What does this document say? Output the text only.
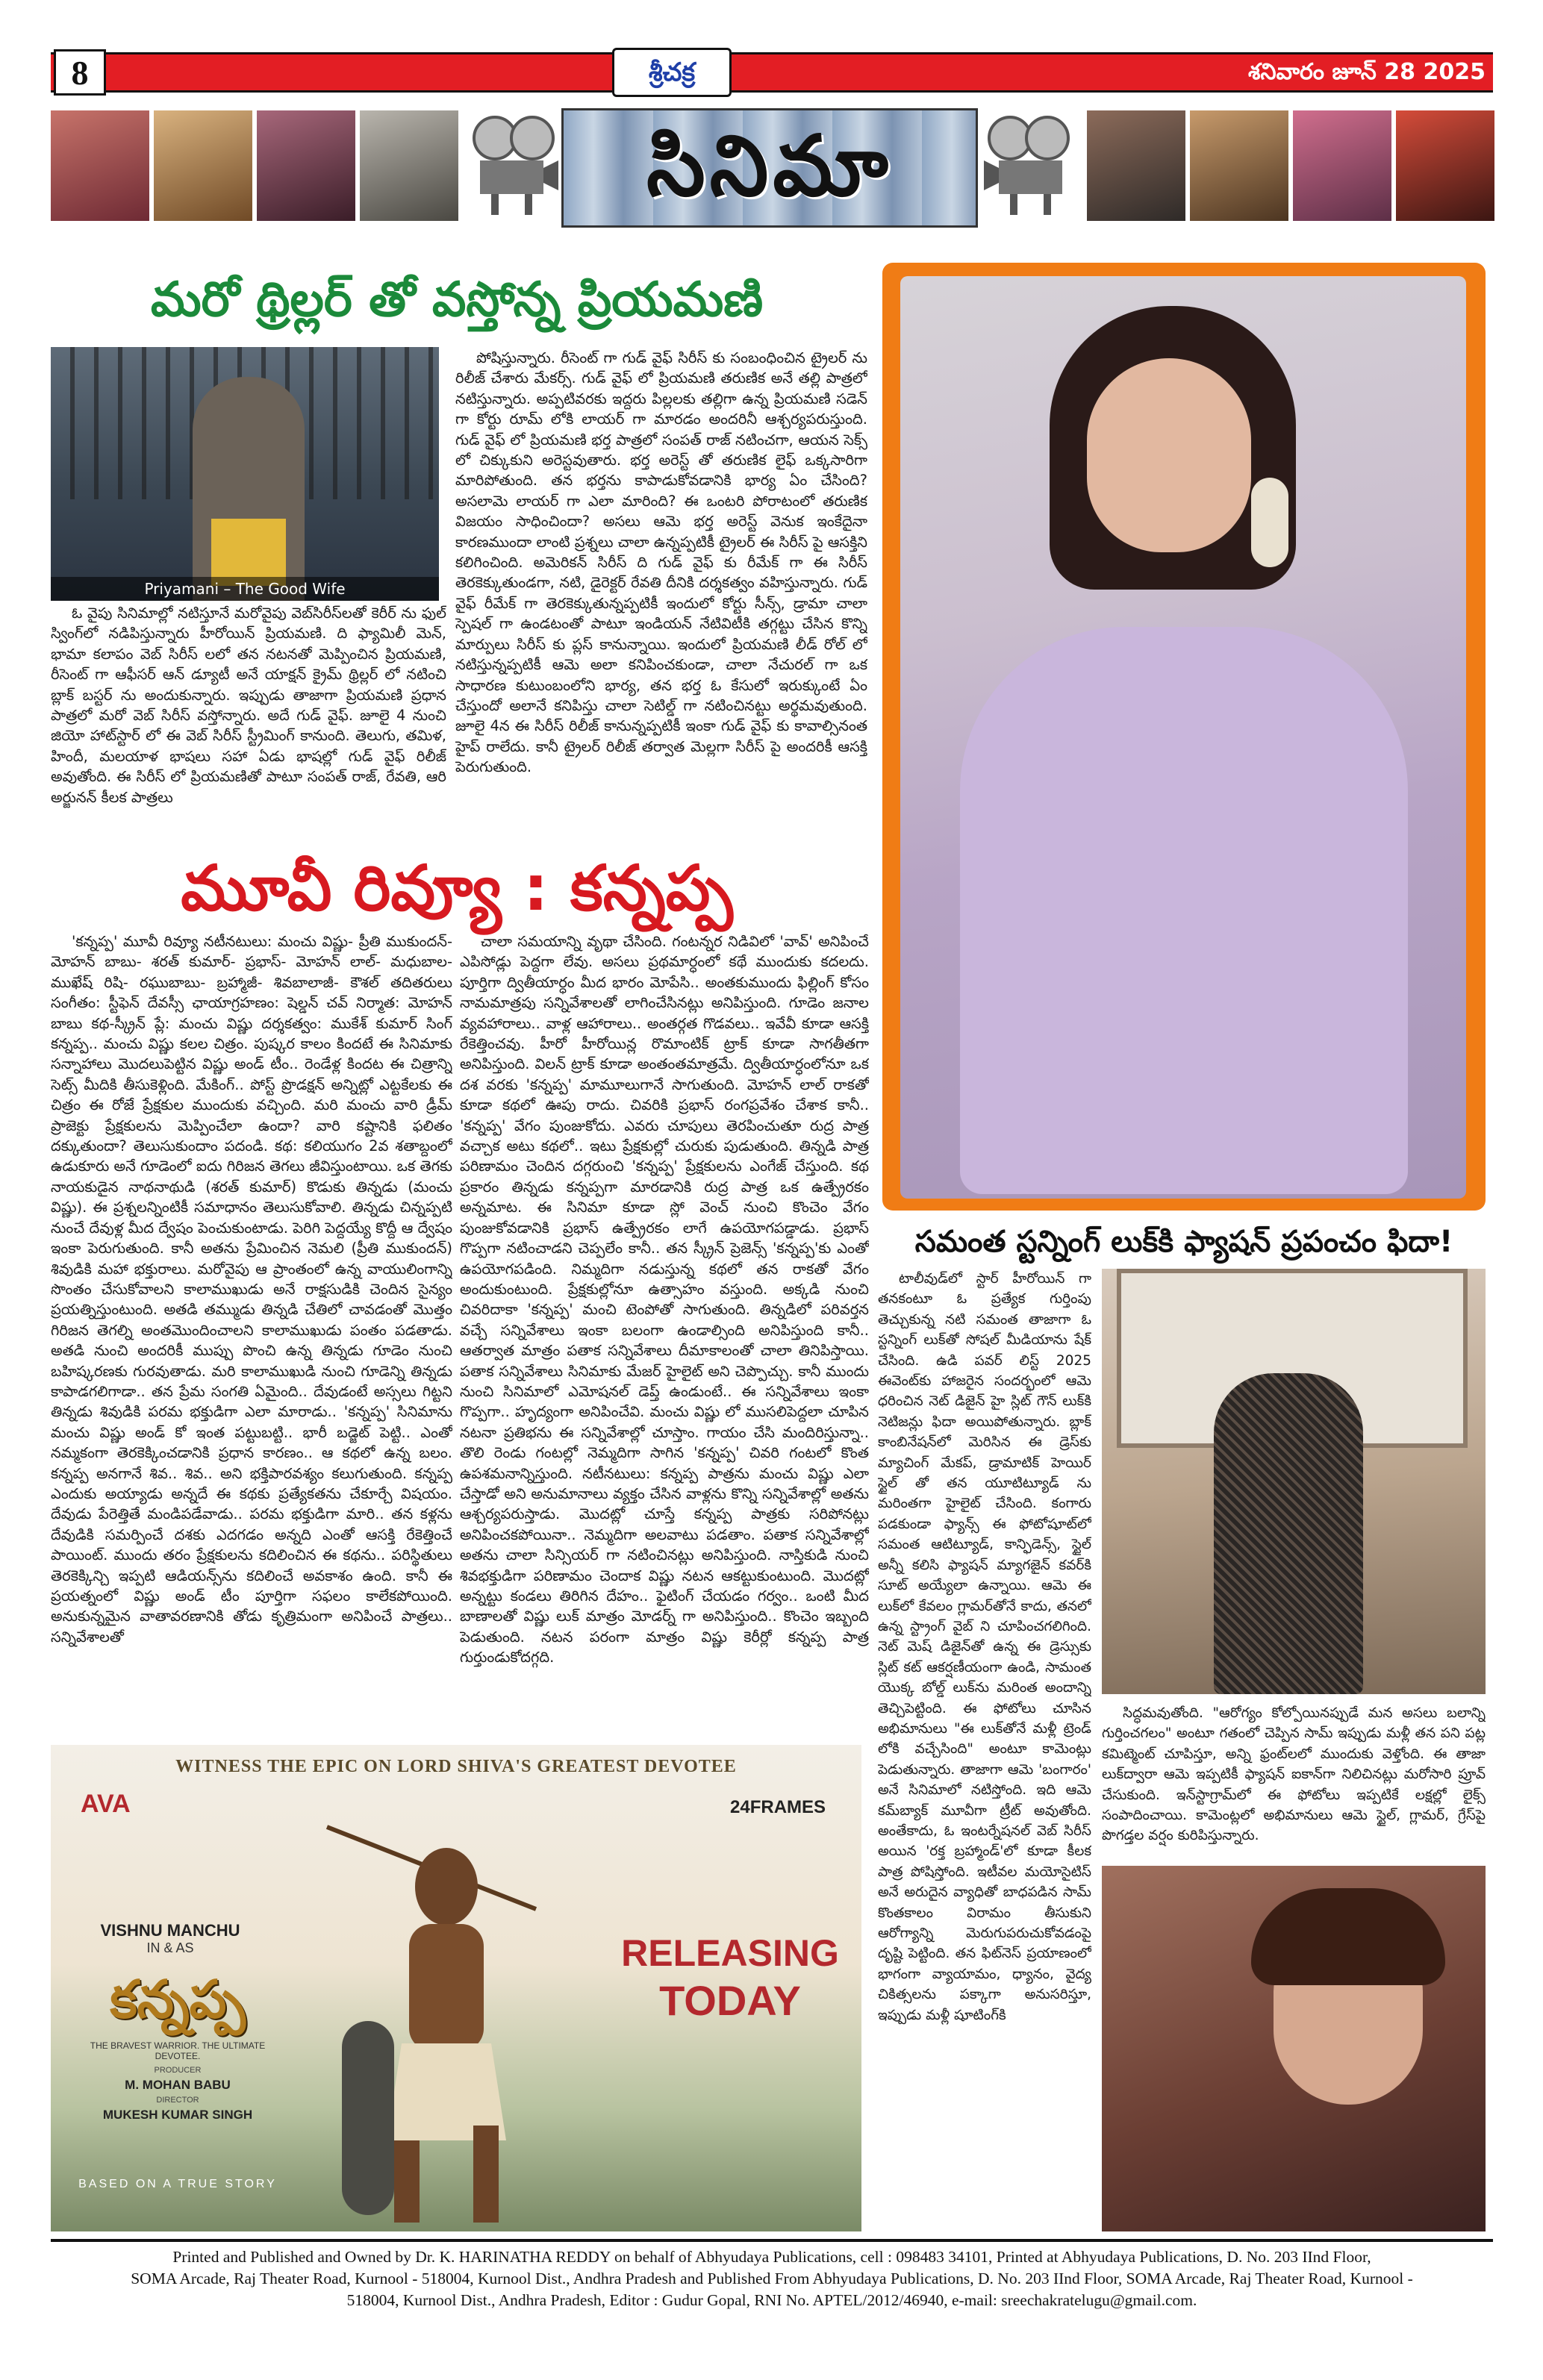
8	శ్రీచక్ర	శనివారం జూన్ 28 2025
సినిమా
మరో థ్రిల్లర్ తో వస్తోన్న ప్రియమణి
Priyamani – The Good Wife

ఓ వైపు సినిమాల్లో నటిస్తూనే మరోవైపు వెబ్‌సిరీస్‌లతో కెరీర్ ను ఫుల్ స్వింగ్‌లో నడిపిస్తున్నారు హీరోయిన్ ప్రియమణి. ది ఫ్యామిలీ మెన్, భామా కలాపం వెబ్ సిరీస్ లలో తన నటనతో మెప్పించిన ప్రియమణి, రీసెంట్ గా ఆఫీసర్ ఆన్ డ్యూటీ అనే యాక్షన్ క్రైమ్ థ్రిల్లర్ లో నటించి బ్లాక్ బస్టర్ ను అందుకున్నారు. ఇప్పుడు తాజాగా ప్రియమణి ప్రధాన పాత్రలో మరో వెబ్ సిరీస్ వస్తోన్నారు. అదే గుడ్ వైఫ్. జూలై 4 నుంచి జియో హాట్‌స్టార్ లో ఈ వెబ్ సిరీస్ స్ట్రీమింగ్ కానుంది. తెలుగు, తమిళ, హిందీ, మలయాళ భాషలు సహా ఏడు భాషల్లో గుడ్ వైఫ్ రిలీజ్ అవుతోంది. ఈ సిరీస్ లో ప్రియమణితో పాటూ సంపత్ రాజ్, రేవతి, ఆరి అర్జునన్ కీలక పాత్రలు

పోషిస్తున్నారు. రీసెంట్ గా గుడ్ వైఫ్ సిరీస్ కు సంబంధించిన ట్రైలర్ ను రిలీజ్ చేశారు మేకర్స్. గుడ్ వైఫ్ లో ప్రియమణి తరుణిక అనే తల్లి పాత్రలో నటిస్తున్నారు. అప్పటివరకు ఇద్దరు పిల్లలకు తల్లిగా ఉన్న ప్రియమణి సడెన్ గా కోర్టు రూమ్ లోకి లాయర్ గా మారడం అందరినీ ఆశ్చర్యపరుస్తుంది. గుడ్ వైఫ్ లో ప్రియమణి భర్త పాత్రలో సంపత్ రాజ్ నటించగా, ఆయన సెక్స్ లో చిక్కుకుని అరెస్టవుతారు. భర్త అరెస్ట్ తో తరుణిక లైఫ్ ఒక్కసారిగా మారిపోతుంది. తన భర్తను కాపాడుకోవడానికి భార్య ఏం చేసింది? అసలామె లాయర్ గా ఎలా మారింది? ఈ ఒంటరి పోరాటంలో తరుణిక విజయం సాధించిందా? అసలు ఆమె భర్త అరెస్ట్ వెనుక ఇంకేదైనా కారణముందా లాంటి ప్రశ్నలు చాలా ఉన్నప్పటికీ ట్రైలర్ ఈ సిరీస్ పై ఆసక్తిని కలిగించింది. అమెరికన్ సిరీస్ ది గుడ్ వైఫ్ కు రీమేక్ గా ఈ సిరీస్ తెరకెక్కుతుండగా, నటి, డైరెక్టర్ రేవతి దీనికి దర్శకత్వం వహిస్తున్నారు. గుడ్ వైఫ్ రీమేక్ గా తెరకెక్కుతున్నప్పటికీ ఇందులో కోర్టు సీన్స్, డ్రామా చాలా స్పెషల్ గా ఉండటంతో పాటూ ఇండియన్ నేటివిటీకి తగ్గట్టు చేసిన కొన్ని మార్పులు సిరీస్ కు ప్లస్ కానున్నాయి. ఇందులో ప్రియమణి లీడ్ రోల్ లో నటిస్తున్నప్పటికీ ఆమె అలా కనిపించకుండా, చాలా నేచురల్ గా ఒక సాధారణ కుటుంబంలోని భార్య, తన భర్త ఓ కేసులో ఇరుక్కుంటే ఏం చేస్తుందో అలానే కనిపిస్తు చాలా సెటిల్డ్ గా నటించినట్టు అర్థమవుతుంది. జూలై 4న ఈ సిరీస్ రిలీజ్ కానున్నప్పటికీ ఇంకా గుడ్ వైఫ్ కు కావాల్సినంత హైప్ రాలేదు. కానీ ట్రైలర్ రిలీజ్ తర్వాత మెల్లగా సిరీస్ పై అందరికీ ఆసక్తి పెరుగుతుంది.

మూవీ రివ్యూ : కన్నప్ప

'కన్నప్ప' మూవీ రివ్యూ నటీనటులు: మంచు విష్ణు- ప్రీతి ముకుందన్- మోహన్ బాబు- శరత్ కుమార్- ప్రభాస్- మోహన్ లాల్- మధుబాల- ముఖేష్ రిషి- రఘుబాబు- బ్రహ్మాజీ- శివబాలాజీ- కౌశల్ తదితరులు సంగీతం: స్టీఫెన్ దేవస్సీ ఛాయాగ్రహణం: షెల్డన్ చవ్ నిర్మాత: మోహన్ బాబు కథ-స్క్రీన్ ప్లే: మంచు విష్ణు దర్శకత్వం: ముకేశ్ కుమార్ సింగ్ కన్నప్ప.. మంచు విష్ణు కలల చిత్రం. పుష్కర కాలం కిందటే ఈ సినిమాకు సన్నాహాలు మొదలుపెట్టిన విష్ణు అండ్ టీం.. రెండేళ్ల కిందట ఈ చిత్రాన్ని సెట్స్ మీదికి తీసుకెళ్లింది. మేకింగ్.. పోస్ట్ ప్రొడక్షన్ అన్నిట్లో ఎట్టకేలకు ఈ చిత్రం ఈ రోజే ప్రేక్షకుల ముందుకు వచ్చింది. మరి మంచు వారి డ్రీమ్ ప్రాజెక్టు ప్రేక్షకులను మెప్పించేలా ఉందా? వారి కష్టానికి ఫలితం దక్కుతుందా? తెలుసుకుందాం పదండి. కథ: కలియుగం 2వ శతాబ్దంలో ఉడుకూరు అనే గూడెంలో ఐదు గిరిజన తెగలు జీవిస్తుంటాయి. ఒక తెగకు నాయకుడైన నాథనాథుడి (శరత్ కుమార్) కొడుకు తిన్నడు (మంచు విష్ణు). ఈ ప్రశ్నలన్నింటికీ సమాధానం తెలుసుకోవాలి. తిన్నడు చిన్నప్పటి నుంచే దేవుళ్ల మీద ద్వేషం పెంచుకుంటాడు. పెరిగి పెద్దయ్యే కొద్దీ ఆ ద్వేషం ఇంకా పెరుగుతుంది. కానీ అతను ప్రేమించిన నెమలి (ప్రీతి ముకుందన్) శివుడికి మహా భక్తురాలు. మరోవైపు ఆ ప్రాంతంలో ఉన్న వాయులింగాన్ని సొంతం చేసుకోవాలని కాలాముఖుడు అనే రాక్షసుడికి చెందిన సైన్యం ప్రయత్నిస్తుంటుంది. అతడి తమ్ముడు తిన్నడి చేతిలో చావడంతో మొత్తం గిరిజన తెగల్ని అంతమొందించాలని కాలాముఖుడు పంతం పడతాడు. అతడి నుంచి అందరికీ ముప్పు పొంచి ఉన్న తిన్నడు గూడెం నుంచి బహిష్కరణకు గురవుతాడు. మరి కాలాముఖుడి నుంచి గూడెన్ని తిన్నడు కాపాడగలిగాడా.. తన ప్రేమ సంగతి ఏమైంది.. దేవుడంటే అస్సలు గిట్టని తిన్నడు శివుడికి పరమ భక్తుడిగా ఎలా మారాడు.. 'కన్నప్ప' సినిమాను మంచు విష్ణు అండ్ కో ఇంత పట్టుబట్టి.. భారీ బడ్జెట్ పెట్టి.. ఎంతో నమ్మకంగా తెరకెక్కించడానికి ప్రధాన కారణం.. ఆ కథలో ఉన్న బలం. కన్నప్ప అనగానే శివ.. శివ.. అని భక్తిపారవశ్యం కలుగుతుంది. కన్నప్ప ఎందుకు అయ్యాడు అన్నదే ఈ కథకు ప్రత్యేకతను చేకూర్చే విషయం. దేవుడు పేరెత్తితే మండిపడేవాడు.. పరమ భక్తుడిగా మారి.. తన కళ్లను దేవుడికి సమర్పించే దశకు ఎదగడం అన్నది ఎంతో ఆసక్తి రేకెత్తించే పాయింట్. ముందు తరం ప్రేక్షకులను కదిలించిన ఈ కథను.. పరిస్థితులు తెరకెక్కిన్చి ఇప్పటి ఆడియన్స్‌ను కదిలించే అవకాశం ఉంది. కానీ ఈ ప్రయత్నంలో విష్ణు అండ్ టీం పూర్తిగా సఫలం కాలేకపోయింది. అనుకున్నమైన వాతావరణానికి తోడు కృత్రిమంగా అనిపించే పాత్రలు.. సన్నివేశాలతో

చాలా సమయాన్ని వృథా చేసింది. గంటన్నర నిడివిలో 'వావ్' అనిపించే ఎపిసోడ్లు పెద్దగా లేవు. అసలు ప్రథమార్ధంలో కథే ముందుకు కదలదు. పూర్తిగా ద్వితీయార్ధం మీద భారం మోపేసి.. అంతకుముందు ఫిల్లింగ్ కోసం నామమాత్రపు సన్నివేశాలతో లాగించేసినట్లు అనిపిస్తుంది. గూడెం జనాల వ్యవహారాలు.. వాళ్ల ఆహారాలు.. అంతర్గత గొడవలు.. ఇవేవీ కూడా ఆసక్తి రేకెత్తించవు. హీరో హీరోయిన్ల రొమాంటిక్ ట్రాక్ కూడా సాగతీతగా అనిపిస్తుంది. విలన్ ట్రాక్ కూడా అంతంతమాత్రమే. ద్వితీయార్ధంలోనూ ఒక దశ వరకు 'కన్నప్ప' మామూలుగానే సాగుతుంది. మోహన్ లాల్ రాకతో కూడా కథలో ఊపు రాదు. చివరికి ప్రభాస్ రంగప్రవేశం చేశాక కానీ.. 'కన్నప్ప' వేగం పుంజుకోదు. ఎవరు చూపులు తెరపించుతూ రుద్ర పాత్ర వచ్చాక అటు కథలో.. ఇటు ప్రేక్షకుల్లో చురుకు పుడుతుంది. తిన్నడి పాత్ర పరిణామం చెందిన దగ్గరుంచి 'కన్నప్ప' ప్రేక్షకులను ఎంగేజ్ చేస్తుంది. కథ ప్రకారం తిన్నడు కన్నప్పగా మారడానికి రుద్ర పాత్ర ఒక ఉత్ప్రేరకం అన్నమాట. ఈ సినిమా కూడా స్లో వెంచ్ నుంచి కొంచెం వేగం పుంజుకోవడానికి ప్రభాస్ ఉత్ప్రేరకం లాగే ఉపయోగపడ్డాడు. ప్రభాస్ గొప్పగా నటించాడని చెప్పలేం కానీ.. తన స్క్రీన్ ప్రెజెన్స్ 'కన్నప్ప'కు ఎంతో ఉపయోగపడింది. నిమ్మదిగా నడుస్తున్న కథలో తన రాకతో వేగం అందుకుంటుంది. ప్రేక్షకుల్లోనూ ఉత్సాహం వస్తుంది. అక్కడి నుంచి చివరిదాకా 'కన్నప్ప' మంచి టెంపోతో సాగుతుంది. తిన్నడిలో పరివర్తన వచ్చే సన్నివేశాలు ఇంకా బలంగా ఉండాల్సింది అనిపిస్తుంది కానీ.. ఆతర్వాత మాత్రం పతాక సన్నివేశాలు దీమాకాలంతో చాలా తినిపిస్తాయి. పతాక సన్నివేశాలు సినిమాకు మేజర్ హైలైట్ అని చెప్పొచ్చు. కానీ ముందు నుంచి సినిమాలో ఎమోషనల్ డెప్త్ ఉండుంటే.. ఈ సన్నివేశాలు ఇంకా గొప్పగా.. హృద్యంగా అనిపించేవి. మంచు విష్ణు లో ముసలిపెద్దలా చూపిన నటనా ప్రతిభను ఈ సన్నివేశాల్లో చూస్తాం. గాయం చేసి మందిరిస్తున్నా.. తొలి రెండు గంటల్లో నెమ్మదిగా సాగిన 'కన్నప్ప' చివరి గంటలో కొంత ఉపశమనాన్నిస్తుంది. నటీనటులు: కన్నప్ప పాత్రను మంచు విష్ణు ఎలా చేస్తాడో అని అనుమానాలు వ్యక్తం చేసిన వాళ్లను కొన్ని సన్నివేశాల్లో అతను ఆశ్చర్యపరుస్తాడు. మొదట్లో చూస్తే కన్నప్ప పాత్రకు సరిపోనట్లు అనిపించకపోయినా.. నెమ్మదిగా అలవాటు పడతాం. పతాక సన్నివేశాల్లో అతను చాలా సిన్సియర్ గా నటించినట్లు అనిపిస్తుంది. నాస్తికుడి నుంచి శివభక్తుడిగా పరిణామం చెందాక విష్ణు నటన ఆకట్టుకుంటుంది. మొదట్లో అన్నట్టు కండలు తిరిగిన దేహం.. ఫైటింగ్ చేయడం గర్వం.. ఒంటి మీద బాణాలతో విష్ణు లుక్ మాత్రం మోడర్న్ గా అనిపిస్తుంది.. కొంచెం ఇబ్బంది పెడుతుంది. నటన పరంగా మాత్రం విష్ణు కెరీర్లో కన్నప్ప పాత్ర గుర్తుండుకోదగ్గది.

WITNESS THE EPIC ON LORD SHIVA'S GREATEST DEVOTEE
AVA	24FRAMES
IN & AS
VISHNU MANCHU
కన్నప్ప
THE BRAVEST WARRIOR. THE ULTIMATE DEVOTEE.
PRODUCER
M. MOHAN BABU
DIRECTOR
MUKESH KUMAR SINGH
BASED ON A TRUE STORY
RELEASING
TODAY
సమంత స్టన్నింగ్ లుక్‌కి ఫ్యాషన్ ప్రపంచం ఫిదా!

టాలీవుడ్‌లో స్టార్ హీరోయిన్ గా తనకంటూ ఓ ప్రత్యేక గుర్తింపు తెచ్చుకున్న నటి సమంత తాజాగా ఓ స్టన్నింగ్ లుక్‌తో సోషల్ మీడియాను షేక్ చేసింది. ఉడి పవర్ లిస్ట్ 2025 ఈవెంట్‌కు హాజరైన సందర్భంలో ఆమె ధరించిన నెట్ డిజైన్ హై స్లిట్ గౌన్ లుక్‌కి నెటిజన్లు ఫిదా అయిపోతున్నారు. బ్లాక్ కాంబినేషన్‌లో మెరిసిన ఈ డ్రెస్‌కు మ్యాచింగ్ మేకప్, డ్రామాటిక్ హెయిర్ స్టైల్ తో తన యూటిట్యూడ్ ను మరింతగా హైలైట్ చేసింది. కంగారు పడకుండా ఫ్యాన్స్ ఈ ఫోటోషూట్‌లో సమంత ఆటిట్యూడ్, కాన్ఫిడెన్స్, స్టైల్ అన్నీ కలిసి ఫ్యాషన్ మ్యాగజైన్ కవర్‌కి సూట్ అయ్యేలా ఉన్నాయి. ఆమె ఈ లుక్‌లో కేవలం గ్లామర్‌తోనే కాదు, తనలో ఉన్న స్ట్రాంగ్ వైబ్ ని చూపించగలిగింది. నెట్ మెష్ డిజైన్‌తో ఉన్న ఈ డ్రెస్సుకు స్లిట్ కట్ ఆకర్షణీయంగా ఉండి, సామంత యొక్క బోల్డ్ లుక్‌ను మరింత అందాన్ని తెచ్చిపెట్టింది. ఈ ఫోటోలు చూసిన అభిమానులు "ఈ లుక్‌తోనే మళ్లీ ట్రెండ్ లోకి వచ్చేసింది" అంటూ కామెంట్లు పెడుతున్నారు. తాజాగా ఆమె 'బంగారం' అనే సినిమాలో నటిస్తోంది. ఇది ఆమె కమ్‌బ్యాక్ మూవీగా ట్రీట్ అవుతోంది. అంతేకాదు, ఓ ఇంటర్నేషనల్ వెబ్ సిరీస్ అయిన 'రక్త బ్రహ్మాండ్'లో కూడా కీలక పాత్ర పోషిస్తోంది. ఇటీవల మయోసైటిస్ అనే అరుదైన వ్యాధితో బాధపడిన సామ్ కొంతకాలం విరామం తీసుకుని ఆరోగ్యాన్ని మెరుగుపరుచుకోవడంపై దృష్టి పెట్టింది. తన ఫిట్‌నెస్ ప్రయాణంలో భాగంగా వ్యాయామం, ధ్యానం, వైద్య చికిత్సలను పక్కాగా అనుసరిస్తూ, ఇప్పుడు మళ్లీ షూటింగ్‌కి

సిద్ధమవుతోంది. "ఆరోగ్యం కోల్పోయినప్పుడే మన అసలు బలాన్ని గుర్తించగలం" అంటూ గతంలో చెప్పిన సామ్ ఇప్పుడు మళ్లీ తన పని పట్ల కమిట్మెంట్ చూపిస్తూ, అన్ని ఫ్రంట్‌లలో ముందుకు వెళ్తోంది. ఈ తాజా లుక్‌ద్వారా ఆమె ఇప్పటికీ ఫ్యాషన్ ఐకాన్‌గా నిలిచినట్లు మరోసారి ప్రూవ్ చేసుకుంది. ఇన్‌స్టాగ్రామ్‌లో ఈ ఫోటోలు ఇప్పటికే లక్షల్లో లైక్స్ సంపాదించాయి. కామెంట్లలో అభిమానులు ఆమె స్టైల్, గ్లామర్, గ్రేస్‌పై పొగడ్తల వర్షం కురిపిస్తున్నారు.

Printed and Published and Owned by Dr. K. HARINATHA REDDY on behalf of Abhyudaya Publications, cell : 098483 34101, Printed at Abhyudaya Publications, D. No. 203 IInd Floor,
SOMA Arcade, Raj Theater Road, Kurnool - 518004, Kurnool Dist., Andhra Pradesh and Published From Abhyudaya Publications, D. No. 203 IInd Floor, SOMA Arcade, Raj Theater Road, Kurnool -
518004, Kurnool Dist., Andhra Pradesh, Editor : Gudur Gopal, RNI No. APTEL/2012/46940, e-mail: sreechakratelugu@gmail.com.
